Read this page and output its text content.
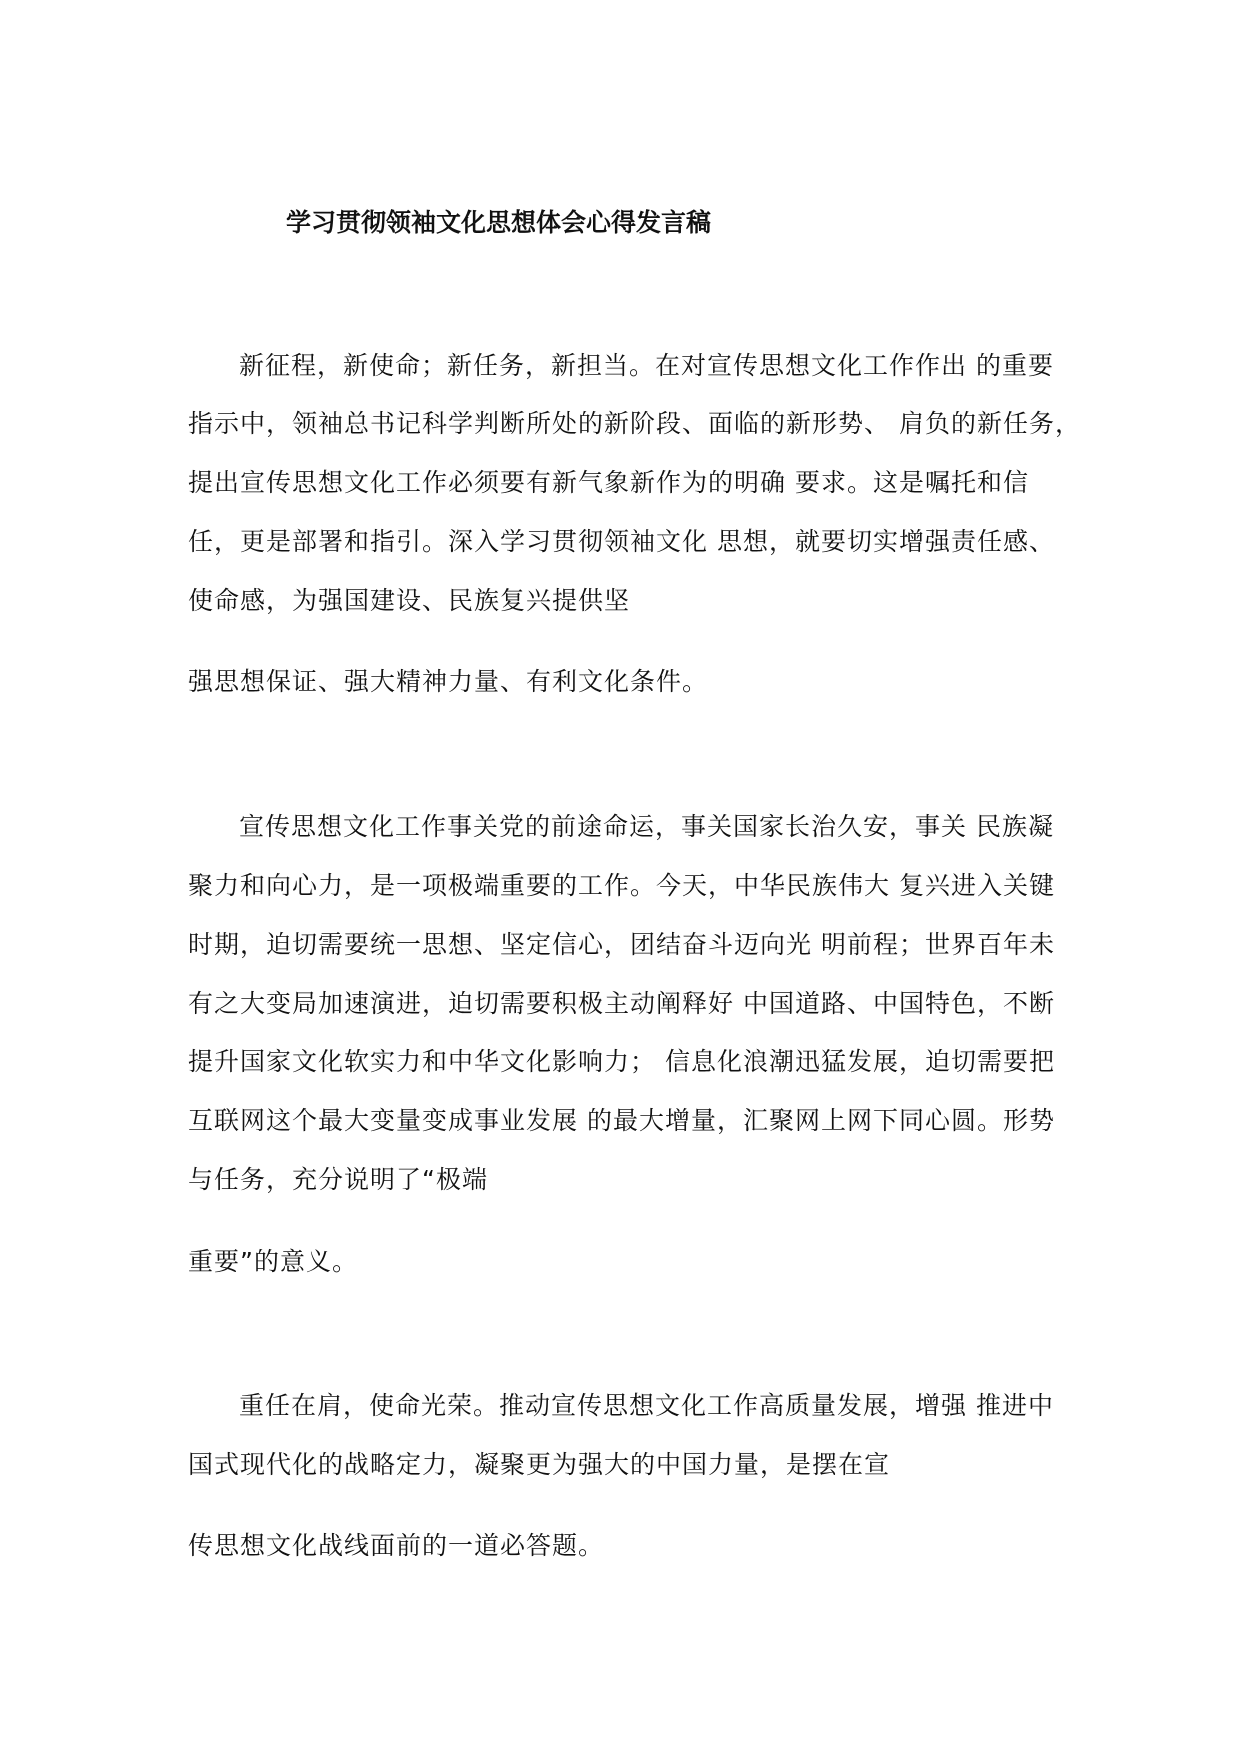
学习贯彻领袖文化思想体会心得发言稿
新征程，新使命；新任务，新担当。在对宣传思想文化工作作出 的重要
指示中，领袖总书记科学判断所处的新阶段、面临的新形势、 肩负的新任务，
提出宣传思想文化工作必须要有新气象新作为的明确 要求。这是嘱托和信
任，更是部署和指引。深入学习贯彻领袖文化 思想，就要切实增强责任感、
使命感，为强国建设、民族复兴提供坚
强思想保证、强大精神力量、有利文化条件。
宣传思想文化工作事关党的前途命运，事关国家长治久安，事关 民族凝
聚力和向心力，是一项极端重要的工作。今天，中华民族伟大 复兴进入关键
时期，迫切需要统一思想、坚定信心，团结奋斗迈向光 明前程；世界百年未
有之大变局加速演进，迫切需要积极主动阐释好 中国道路、中国特色，不断
提升国家文化软实力和中华文化影响力； 信息化浪潮迅猛发展，迫切需要把
互联网这个最大变量变成事业发展 的最大增量，汇聚网上网下同心圆。形势
与任务，充分说明了“极端
重要”的意义。
重任在肩，使命光荣。推动宣传思想文化工作高质量发展，增强 推进中
国式现代化的战略定力，凝聚更为强大的中国力量，是摆在宣
传思想文化战线面前的一道必答题。
